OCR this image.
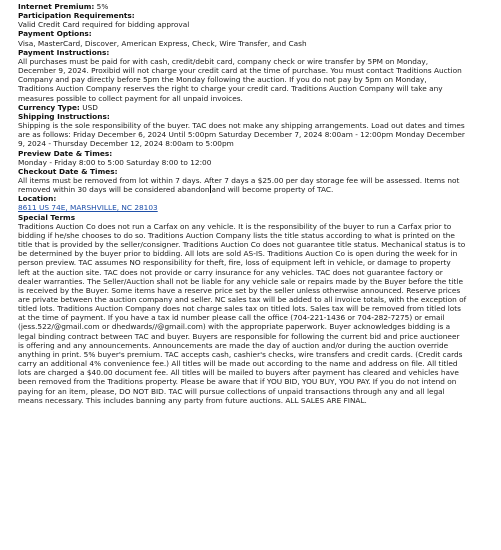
Internet Premium: 5%
Participation Requirements:
Valid Credit Card required for bidding approval
Payment Options:
Visa, MasterCard, Discover, American Express, Check, Wire Transfer, and Cash
Payment Instructions:
All purchases must be paid for with cash, credit/debit card, company check or wire transfer by 5PM on Monday,
December 9, 2024. Proxibid will not charge your credit card at the time of purchase. You must contact Traditions Auction
Company and pay directly before 5pm the Monday following the auction. If you do not pay by 5pm on Monday,
Traditions Auction Company reserves the right to charge your credit card. Traditions Auction Company will take any
measures possible to collect payment for all unpaid invoices.
Currency Type: USD
Shipping Instructions:
Shipping is the sole responsibility of the buyer. TAC does not make any shipping arrangements. Load out dates and times
are as follows: Friday December 6, 2024 Until 5:00pm Saturday December 7, 2024 8:00am - 12:00pm Monday December
9, 2024 - Thursday December 12, 2024 8:00am to 5:00pm
Preview Date & Times:
Monday - Friday 8:00 to 5:00 Saturday 8:00 to 12:00
Checkout Date & Times:
All items must be removed from lot within 7 days. After 7 days a $25.00 per day storage fee will be assessed. Items not
removed within 30 days will be considered abandon and will become property of TAC.
Location:
8611 US 74E, MARSHVILLE, NC 28103
Special Terms
Traditions Auction Co does not run a Carfax on any vehicle. It is the responsibility of the buyer to run a Carfax prior to
bidding if he/she chooses to do so. Traditions Auction Company lists the title status according to what is printed on the
title that is provided by the seller/consigner. Traditions Auction Co does not guarantee title status. Mechanical status is to
be determined by the buyer prior to bidding. All lots are sold AS-IS. Traditions Auction Co is open during the week for in
person preview. TAC assumes NO responsibility for theft, fire, loss of equipment left in vehicle, or damage to property
left at the auction site. TAC does not provide or carry insurance for any vehicles. TAC does not guarantee factory or
dealer warranties. The Seller/Auction shall not be liable for any vehicle sale or repairs made by the Buyer before the title
is received by the Buyer. Some items have a reserve price set by the seller unless otherwise announced. Reserve prices
are private between the auction company and seller. NC sales tax will be added to all invoice totals, with the exception of
titled lots. Traditions Auction Company does not charge sales tax on titled lots. Sales tax will be removed from titled lots
at the time of payment. If you have a tax id number please call the office (704-221-1436 or 704-282-7275) or email
(jess.522/@gmail.com or dhedwards//@gmail.com) with the appropriate paperwork. Buyer acknowledges bidding is a
legal binding contract between TAC and buyer. Buyers are responsible for following the current bid and price auctioneer
is offering and any announcements. Announcements are made the day of auction and/or during the auction override
anything in print. 5% buyer's premium. TAC accepts cash, cashier's checks, wire transfers and credit cards. (Credit cards
carry an additional 4% convenience fee.) All titles will be made out according to the name and address on file. All titled
lots are charged a $40.00 document fee. All titles will be mailed to buyers after payment has cleared and vehicles have
been removed from the Traditions property. Please be aware that if YOU BID, YOU BUY, YOU PAY. If you do not intend on
paying for an item, please, DO NOT BID. TAC will pursue collections of unpaid transactions through any and all legal
means necessary. This includes banning any party from future auctions. ALL SALES ARE FINAL.
